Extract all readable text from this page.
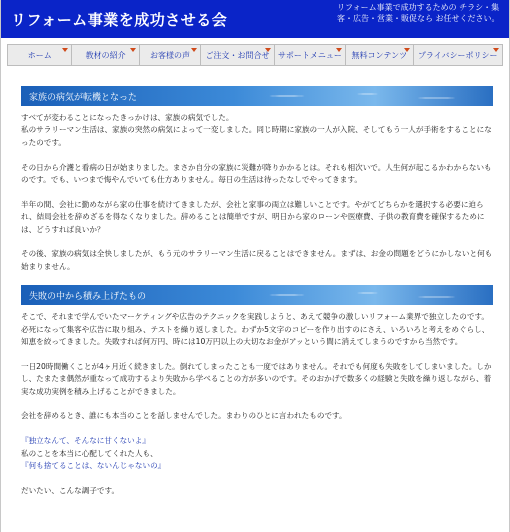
リフォーム事業を成功させる会
リフォーム事業で成功するための チラシ・集客・広告・営業・販促なら お任せください。
ホーム	教材の紹介	お客様の声 ご注文・お問合せ サポートメニュー 無料コンテンツ プライバシーポリシー
家族の病気が転機となった

すべてが変わることになったきっかけは、家族の病気でした。

私のサラリーマン生活は、家族の突然の病気によって一変しました。同じ時期に家族の一人が入院、そしてもう一人が手術をすることになったのです。

その日から介護と看病の日が始まりました。まさか自分の家族に災難が降りかかるとは。それも相次いで。人生何が起こるかわからないものです。でも、いつまで悔やんでいても仕方ありません。毎日の生活は待ったなしでやってきます。

半年の間、会社に勤めながら家の仕事を続けてきましたが、会社と家事の両立は難しいことです。やがてどちらかを選択する必要に迫られ、結局会社を辞めざるを得なくなりました。辞めることは簡単ですが、明日から家のローンや医療費、子供の教育費を確保するためには、どうすれば良いか？

その後、家族の病気は全快しましたが、もう元のサラリーマン生活に戻ることはできません。まずは、お金の問題をどうにかしないと何も始まりません。

失敗の中から積み上げたもの

そこで、それまで学んでいたマーケティングや広告のテクニックを実践しようと、あえて競争の激しいリフォーム業界で独立したのです。必死になって集客や広告に取り組み、テストを繰り返しました。わずか5文字のコピーを作り出すのにさえ、いろいろと考えをめぐらし、知恵を絞ってきました。失敗すれば何万円、時には10万円以上の大切なお金がアッという間に消えてしまうのですから当然です。

一日20時間働くことが4ヶ月近く続きました。倒れてしまったことも一度ではありません。それでも何度も失敗をしてしまいました。しかし、たまたま偶然が重なって成功するより失敗から学べることの方が多いのです。そのおかげで数多くの経験と失敗を繰り返しながら、着実な成功実例を積み上げることができました。

会社を辞めるとき、誰にも本当のことを話しませんでした。まわりのひとに言われたものです。

『独立なんて、そんなに甘くないよ』

私のことを本当に心配してくれた人も、

『何も捨てることは、ないんじゃないの』

だいたい、こんな調子です。
